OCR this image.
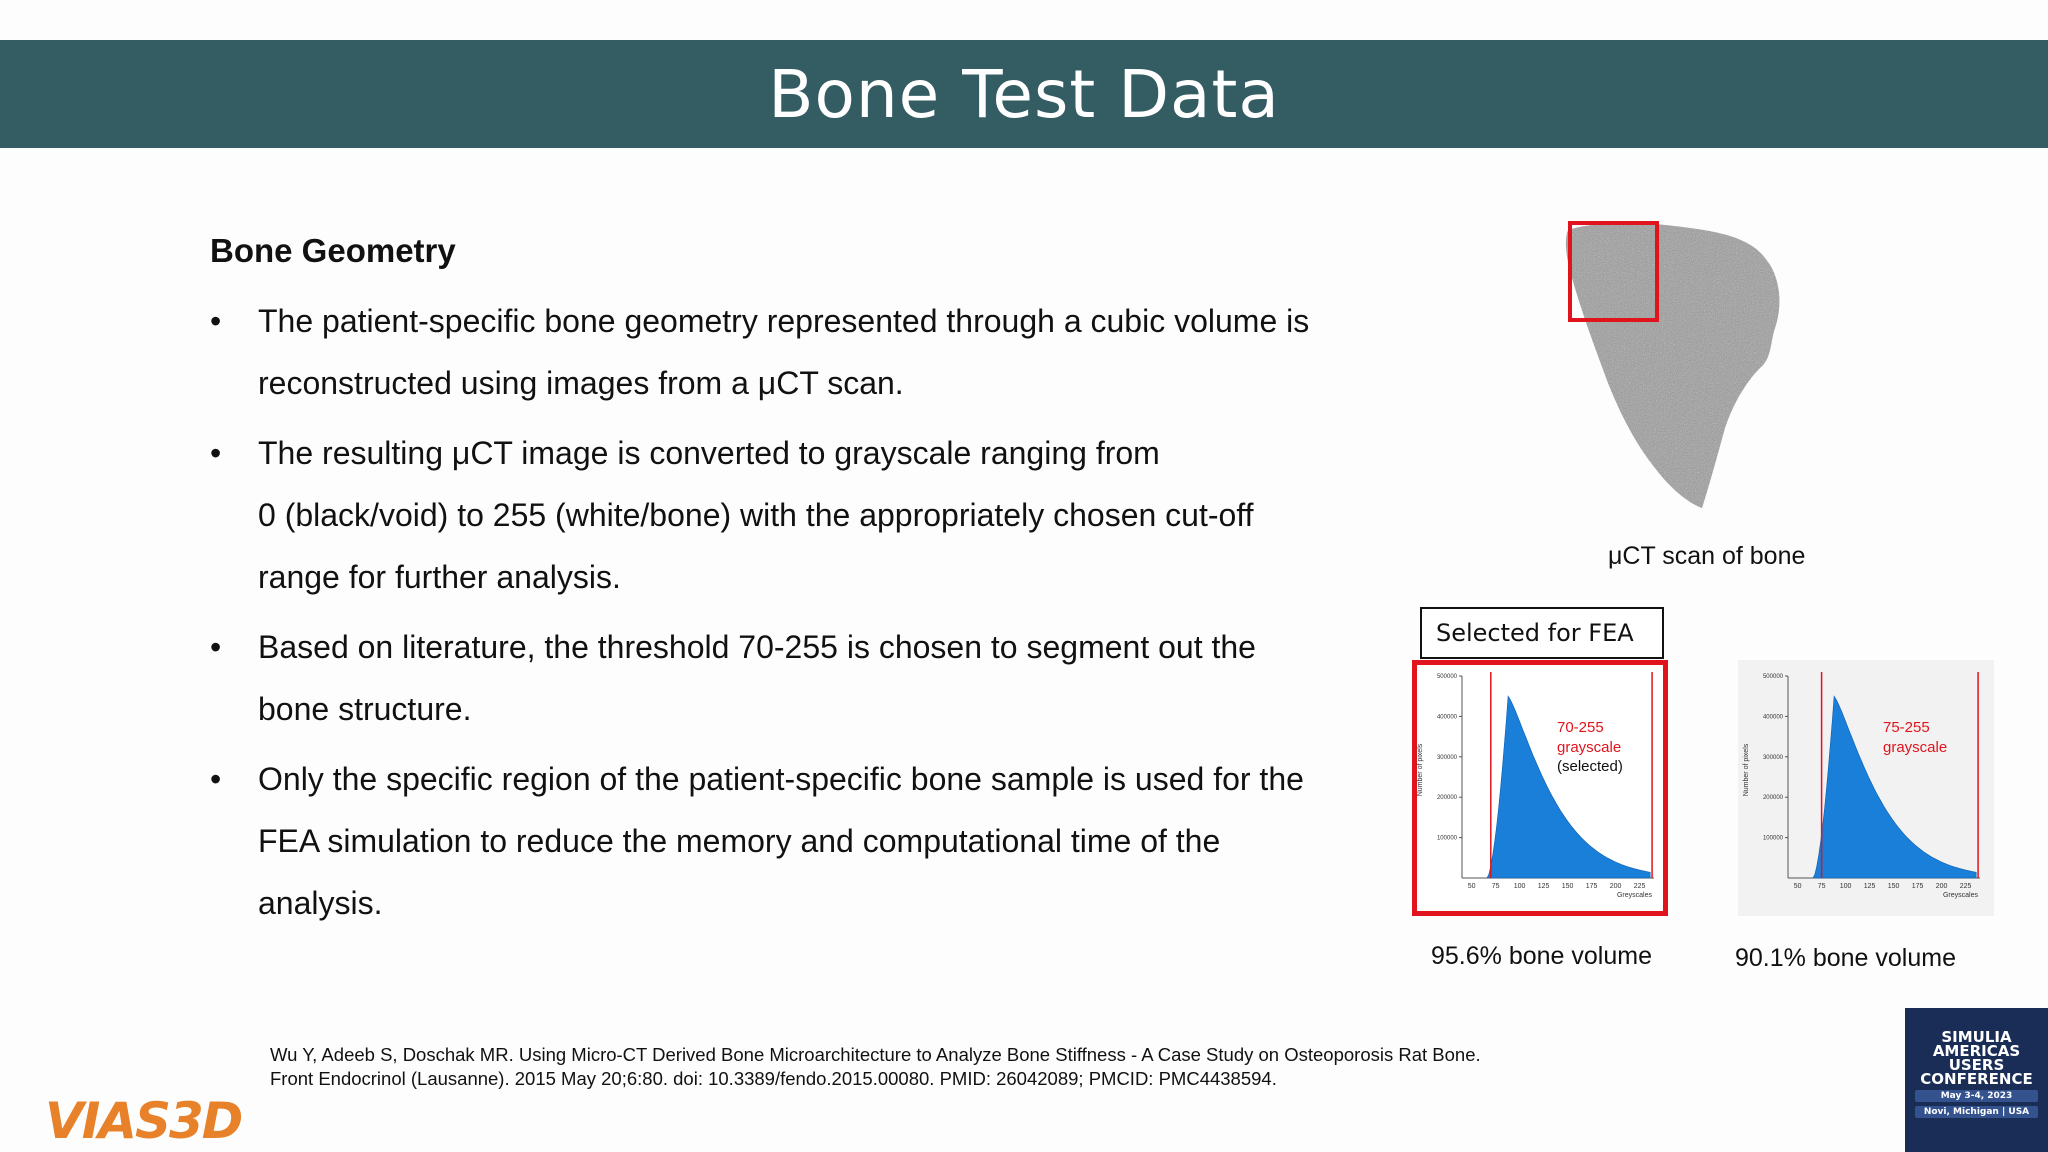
Bone Test Data
Bone Geometry
• The patient-specific bone geometry represented through a cubic volume is
reconstructed using images from a μCT scan.
• The resulting μCT image is converted to grayscale ranging from
0 (black/void) to 255 (white/bone) with the appropriately chosen cut-off
range for further analysis.
• Based on literature, the threshold 70-255 is chosen to segment out the
bone structure.
• Only the specific region of the patient-specific bone sample is used for the
FEA simulation to reduce the memory and computational time of the
analysis.
μCT scan of bone
Selected for FEA
500000
400000
300000
200000
100000
Number of pixels
50 75 100 125 150 175 200 225
Greyscales
70-255
grayscale
(selected)
95.6% bone volume
500000
400000
300000
200000
100000
Number of pixels
50 75 100 125 150 175 200 225
Greyscales
75-255
grayscale
90.1% bone volume
Wu Y, Adeeb S, Doschak MR. Using Micro-CT Derived Bone Microarchitecture to Analyze Bone Stiffness - A Case Study on Osteoporosis Rat Bone.
Front Endocrinol (Lausanne). 2015 May 20;6:80. doi: 10.3389/fendo.2015.00080. PMID: 26042089; PMCID: PMC4438594.
VIAS3D
SIMULIA
AMERICAS
USERS
CONFERENCE
May 3-4, 2023
Novi, Michigan | USA
